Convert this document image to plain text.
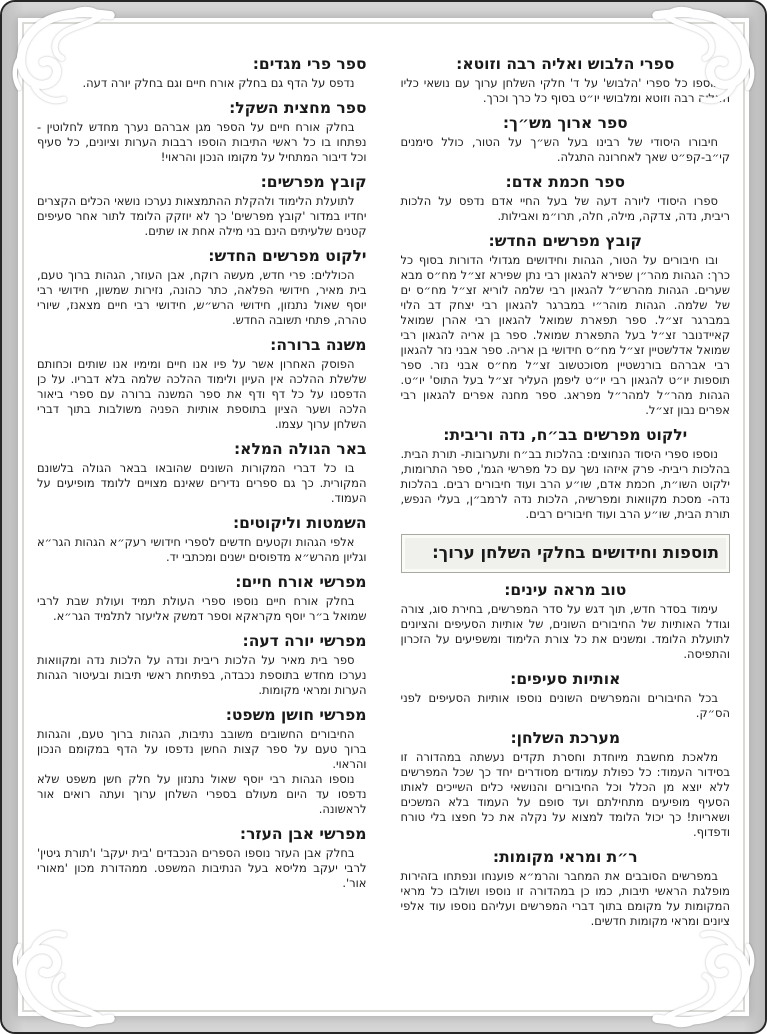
ספרי הלבוש ואליה רבה וזוטא:

נוספו כל ספרי 'הלבוש' על ד' חלקי השלחן ערוך עם נושאי כליו האליה רבה וזוטא ומלבושי יו״ט בסוף כל כרך וכרך.

ספר ארוך מש״ך:

חיבורו היסודי של רבינו בעל הש״ך על הטור, כולל סימנים קי״ב-קפ״ט שאך לאחרונה התגלה.

ספר חכמת אדם:

ספרו היסודי ליורה דעה של בעל החיי אדם נדפס על הלכות ריבית, נדה, צדקה, מילה, חלה, תרו״מ ואבילות.

קובץ מפרשים החדש:

ובו חיבורים על הטור, הגהות וחידושים מגדולי הדורות בסוף כל כרך: הגהות מהר״ן שפירא להגאון רבי נתן שפירא זצ״ל מח״ס מבא שערים. הגהות מהרש״ל להגאון רבי שלמה לוריא זצ״ל מח״ס ים של שלמה. הגהות מוהר״י במברגר להגאון רבי יצחק דב הלוי במברגר זצ״ל. ספר תפארת שמואל להגאון רבי אהרן שמואל קאיידנובר זצ״ל בעל התפארת שמואל. ספר בן אריה להגאון רבי שמואל אדלשטיין זצ״ל מח״ס חידושי בן אריה. ספר אבני נזר להגאון רבי אברהם בורנשטיין מסוכטשוב זצ״ל מח״ס אבני נזר. ספר תוספות יו״ט להגאון רבי יו״ט ליפמן העליר זצ״ל בעל התוס' יו״ט. הגהות מהר״ל למהר״ל מפראג. ספר מחנה אפרים להגאון רבי אפרים נבון זצ״ל.

ילקוט מפרשים בב״ח, נדה וריבית:

נוספו ספרי היסוד הנחוצים: בהלכות בב״ח ותערובות- תורת הבית. בהלכות ריבית- פרק איזהו נשך עם כל מפרשי הגמ', ספר התרומות, ילקוט השו״ת, חכמת אדם, שו״ע הרב ועוד חיבורים רבים. בהלכות נדה- מסכת מקוואות ומפרשיה, הלכות נדה לרמב״ן, בעלי הנפש, תורת הבית, שו״ע הרב ועוד חיבורים רבים.

תוספות וחידושים בחלקי השלחן ערוך:
טוב מראה עינים:

עימוד בסדר חדש, תוך דגש על סדר המפרשים, בחירת סוג, צורה וגודל האותיות של החיבורים השונים, של אותיות הסעיפים והציונים לתועלת הלומד. ומשנים את כל צורת הלימוד ומשפיעים על הזכרון והתפיסה.

אותיות סעיפים:

בכל החיבורים והמפרשים השונים נוספו אותיות הסעיפים לפני הס״ק.

מערכת השלחן:

מלאכת מחשבת מיוחדת וחסרת תקדים נעשתה במהדורה זו בסידור העמוד: כל כפולת עמודים מסודרים יחד כך שכל המפרשים ללא יוצא מן הכלל וכל החיבורים והנושאי כלים השייכים לאותו הסעיף מופיעים מתחילתם ועד סופם על העמוד בלא המשכים ושאריות! כך יכול הלומד למצוא על נקלה את כל חפצו בלי טורח ודפדוף.

ר״ת ומראי מקומות:

במפרשים הסובבים את המחבר והרמ״א פוענחו ונפתחו בזהירות מופלגת הראשי תיבות, כמו כן במהדורה זו נוספו ושולבו כל מראי המקומות על מקומם בתוך דברי המפרשים ועליהם נוספו עוד אלפי ציונים ומראי מקומות חדשים.

ספר פרי מגדים:

נדפס על הדף גם בחלק אורח חיים וגם בחלק יורה דעה.

ספר מחצית השקל:

בחלק אורח חיים על הספר מגן אברהם נערך מחדש לחלוטין - נפתחו בו כל ראשי התיבות הוספו רבבות הערות וציונים, כל סעיף וכל דיבור המתחיל על מקומו הנכון והראוי!

קובץ מפרשים:

לתועלת הלימוד ולהקלת ההתמצאות נערכו נושאי הכלים הקצרים יחדיו במדור 'קובץ מפרשים' כך לא יוזקק הלומד לתור אחר סעיפים קטנים שלעיתים הינם בני מילה אחת או שתים.

ילקוט מפרשים החדש:

הכוללים: פרי חדש, מעשה רוקח, אבן העוזר, הגהות ברוך טעם, בית מאיר, חידושי הפלאה, כתר כהונה, נזירות שמשון, חידושי רבי יוסף שאול נתנזון, חידושי הרש״ש, חידושי רבי חיים מצאנז, שיורי טהרה, פתחי תשובה החדש.

משנה ברורה:

הפוסק האחרון אשר על פיו אנו חיים ומימיו אנו שותים וכחותם שלשלת ההלכה אין העיון ולימוד ההלכה שלמה בלא דבריו. על כן הדפסנו על כל דף ודף את ספר המשנה ברורה עם ספרי ביאור הלכה ושער הציון בתוספת אותיות הפניה משולבות בתוך דברי השלחן ערוך עצמו.

באר הגולה המלא:

בו כל דברי המקורות השונים שהובאו בבאר הגולה בלשונם המקורית. כך גם ספרים נדירים שאינם מצויים ללומד מופיעים על העמוד.

השמטות וליקוטים:

אלפי הגהות וקטעים חדשים לספרי חידושי רעק״א הגהות הגר״א וגליון מהרש״א מדפוסים ישנים ומכתבי יד.

מפרשי אורח חיים:

בחלק אורח חיים נוספו ספרי העולת תמיד ועולת שבת לרבי שמואל ב״ר יוסף מקראקא וספר דמשק אליעזר לתלמיד הגר״א.

מפרשי יורה דעה:

ספר בית מאיר על הלכות ריבית ונדה על הלכות נדה ומקוואות נערכו מחדש בתוספת נכבדה, בפתיחת ראשי תיבות ובעיטור הגהות הערות ומראי מקומות.

מפרשי חושן משפט:

החיבורים החשובים משובב נתיבות, הגהות ברוך טעם, והגהות ברוך טעם על ספר קצות החשן נדפסו על הדף במקומם הנכון והראוי.

נוספו הגהות רבי יוסף שאול נתנזון על חלק חשן משפט שלא נדפסו עד היום מעולם בספרי השלחן ערוך ועתה רואים אור לראשונה.

מפרשי אבן העזר:

בחלק אבן העזר נוספו הספרים הנכבדים 'בית יעקב' ו'תורת גיטין' לרבי יעקב מליסא בעל הנתיבות המשפט. ממהדורת מכון 'מאורי אור'.
